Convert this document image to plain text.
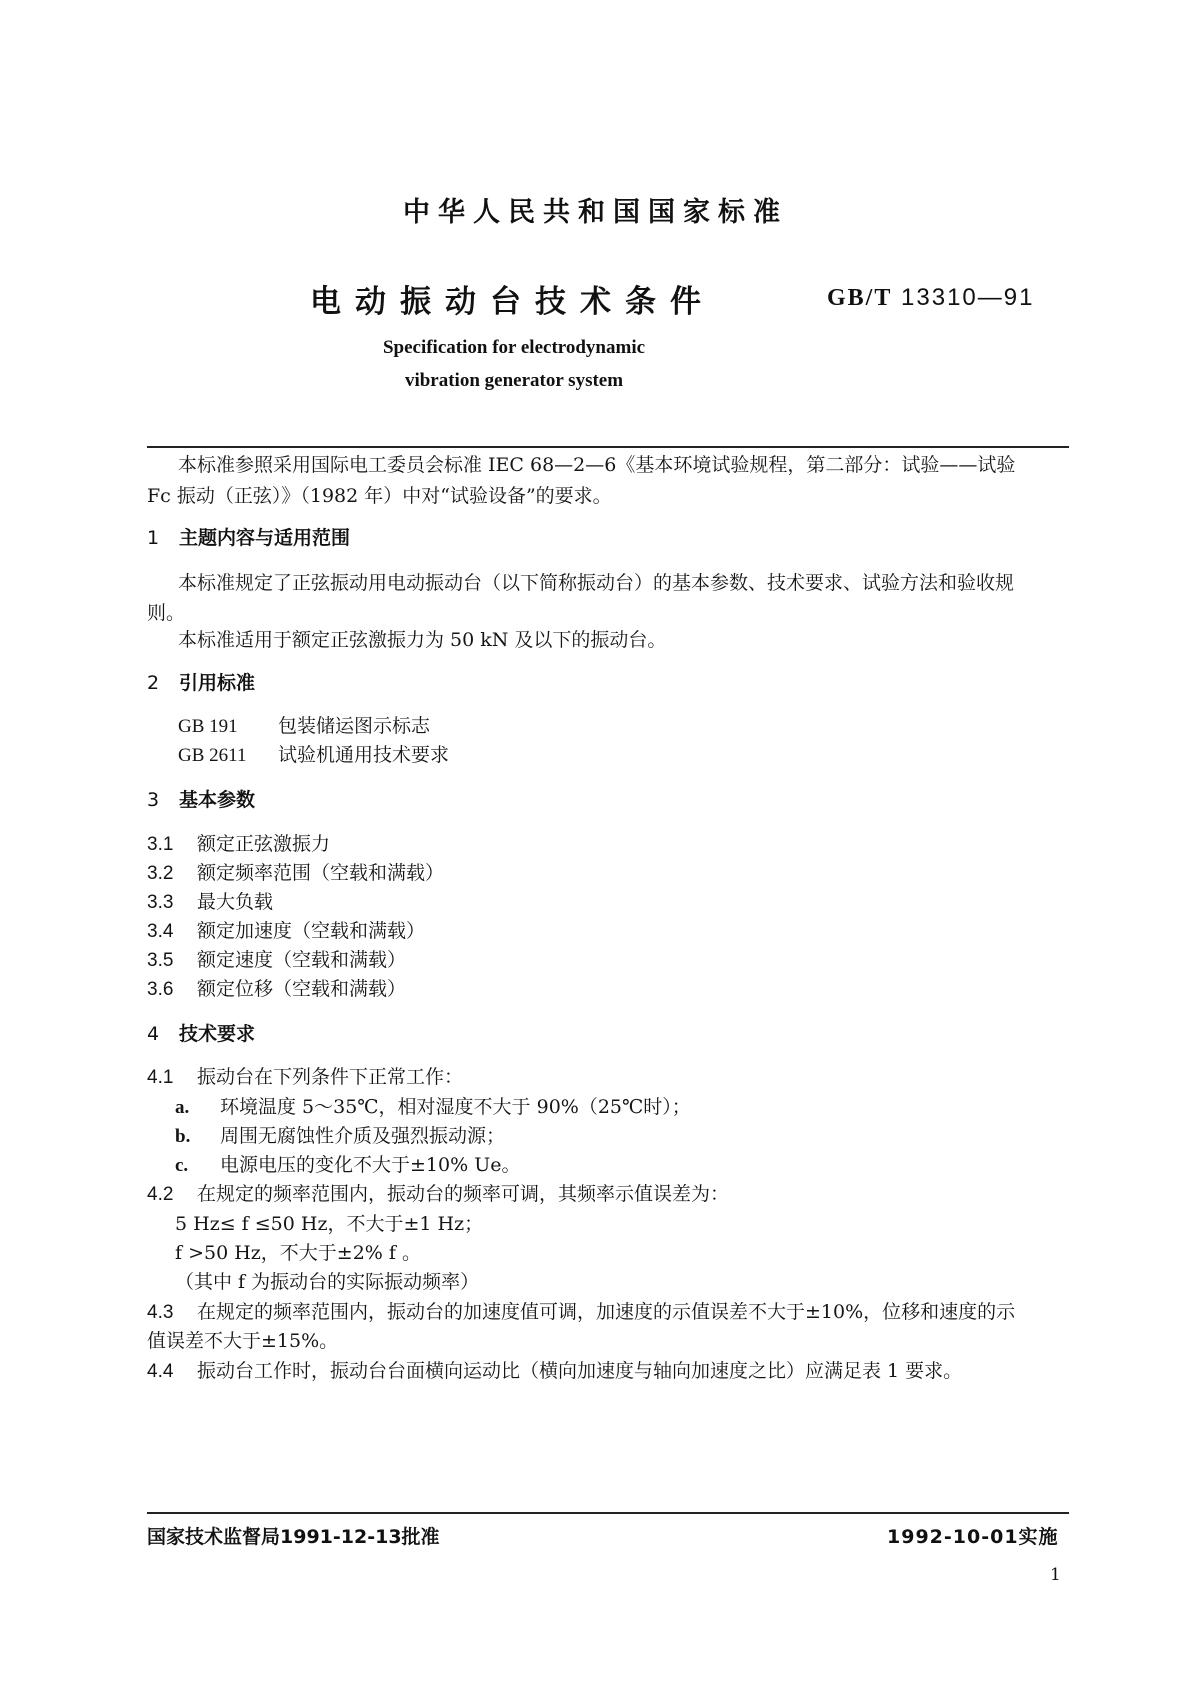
中华人民共和国国家标准
电动振动台技术条件	GB/T 13310—91
Specification for electrodynamic
vibration generator system
本标准参照采用国际电工委员会标准 IEC 68—2—6《基本环境试验规程，第二部分：试验——试验
Fc 振动（正弦）》（1982 年）中对“试验设备”的要求。
1 主题内容与适用范围
本标准规定了正弦振动用电动振动台（以下简称振动台）的基本参数、技术要求、试验方法和验收规
则。
本标准适用于额定正弦激振力为 50 kN 及以下的振动台。
2 引用标准
GB 191 包装储运图示标志
GB 2611 试验机通用技术要求
3 基本参数
3.1 额定正弦激振力
3.2 额定频率范围（空载和满载）
3.3 最大负载
3.4 额定加速度（空载和满载）
3.5 额定速度（空载和满载）
3.6 额定位移（空载和满载）
4 技术要求
4.1 振动台在下列条件下正常工作：
a. 环境温度 5～35℃，相对湿度不大于 90%（25℃时）；
b. 周围无腐蚀性介质及强烈振动源；
c. 电源电压的变化不大于±10% Ue。
4.2 在规定的频率范围内，振动台的频率可调，其频率示值误差为：
5 Hz≤ f ≤50 Hz，不大于±1 Hz；
f >50 Hz，不大于±2% f 。
（其中 f 为振动台的实际振动频率）
4.3 在规定的频率范围内，振动台的加速度值可调，加速度的示值误差不大于±10%，位移和速度的示
值误差不大于±15%。
4.4 振动台工作时，振动台台面横向运动比（横向加速度与轴向加速度之比）应满足表 1 要求。
国家技术监督局1991-12-13批准	1992-10-01实施
1
